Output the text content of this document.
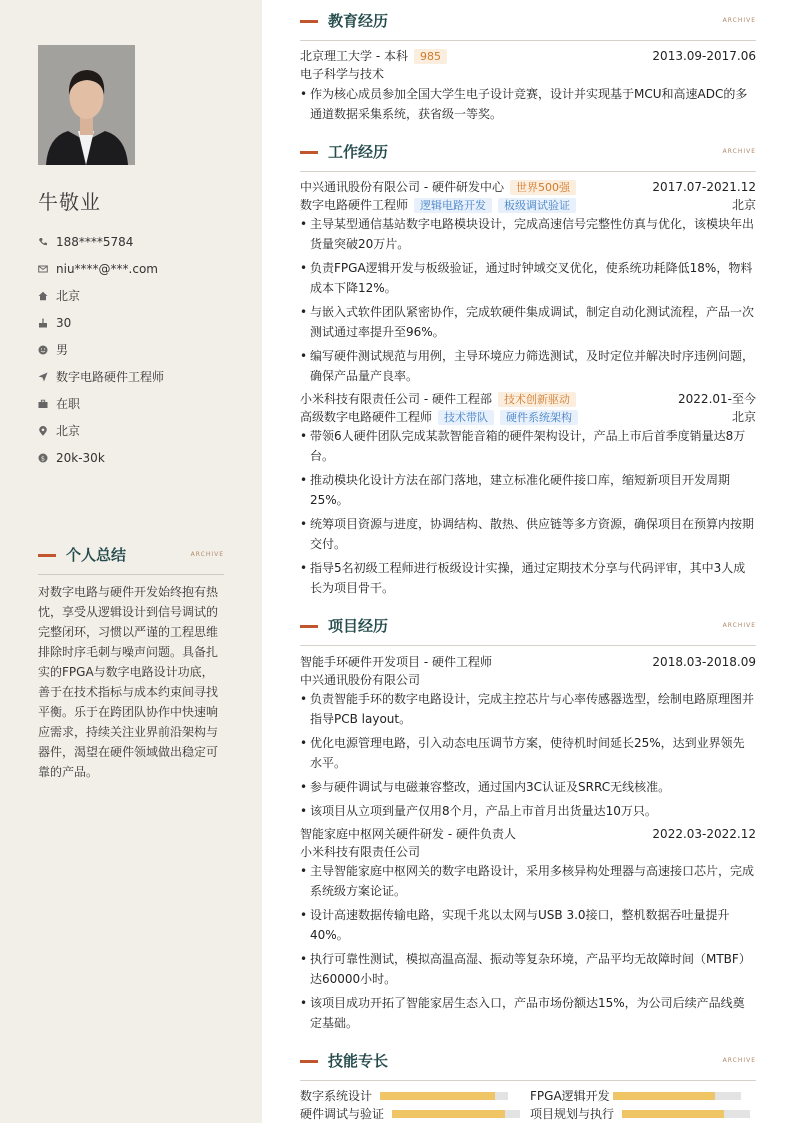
牛敬业
188****5784
niu****@***.com
北京
30
男
数字电路硬件工程师
在职
北京
$ 20k-30k
个人总结	ARCHIVE
对数字电路与硬件开发始终抱有热忱，享受从逻辑设计到信号调试的完整闭环，习惯以严谨的工程思维排除时序毛刺与噪声问题。具备扎实的FPGA与数字电路设计功底，善于在技术指标与成本约束间寻找平衡。乐于在跨团队协作中快速响应需求，持续关注业界前沿架构与器件，渴望在硬件领域做出稳定可靠的产品。
教育经历	ARCHIVE
北京理工大学 - 本科	985	2013.09-2017.06
电子科学与技术
• 作为核心成员参加全国大学生电子设计竞赛，设计并实现基于MCU和高速ADC的多通道数据采集系统，获省级一等奖。
工作经历	ARCHIVE
中兴通讯股份有限公司 - 硬件研发中心	世界500强	2017.07-2021.12
数字电路硬件工程师	逻辑电路开发	板级调试验证	北京
• 主导某型通信基站数字电路模块设计，完成高速信号完整性仿真与优化，该模块年出货量突破20万片。
• 负责FPGA逻辑开发与板级验证，通过时钟域交叉优化，使系统功耗降低18%，物料成本下降12%。
• 与嵌入式软件团队紧密协作，完成软硬件集成调试，制定自动化测试流程，产品一次测试通过率提升至96%。
• 编写硬件测试规范与用例，主导环境应力筛选测试，及时定位并解决时序违例问题，确保产品量产良率。
小米科技有限责任公司 - 硬件工程部	技术创新驱动	2022.01-至今
高级数字电路硬件工程师	技术带队	硬件系统架构	北京
• 带领6人硬件团队完成某款智能音箱的硬件架构设计，产品上市后首季度销量达8万台。
• 推动模块化设计方法在部门落地，建立标准化硬件接口库，缩短新项目开发周期25%。
• 统筹项目资源与进度，协调结构、散热、供应链等多方资源，确保项目在预算内按期交付。
• 指导5名初级工程师进行板级设计实操，通过定期技术分享与代码评审，其中3人成长为项目骨干。
项目经历	ARCHIVE
智能手环硬件开发项目 - 硬件工程师	2018.03-2018.09
中兴通讯股份有限公司
• 负责智能手环的数字电路设计，完成主控芯片与心率传感器选型，绘制电路原理图并指导PCB layout。
• 优化电源管理电路，引入动态电压调节方案，使待机时间延长25%，达到业界领先水平。
• 参与硬件调试与电磁兼容整改，通过国内3C认证及SRRC无线核准。
• 该项目从立项到量产仅用8个月，产品上市首月出货量达10万只。
智能家庭中枢网关硬件研发 - 硬件负责人	2022.03-2022.12
小米科技有限责任公司
• 主导智能家庭中枢网关的数字电路设计，采用多核异构处理器与高速接口芯片，完成系统级方案论证。
• 设计高速数据传输电路，实现千兆以太网与USB 3.0接口，整机数据吞吐量提升40%。
• 执行可靠性测试，模拟高温高湿、振动等复杂环境，产品平均无故障时间（MTBF）达60000小时。
• 该项目成功开拓了智能家居生态入口，产品市场份额达15%，为公司后续产品线奠定基础。
技能专长	ARCHIVE
数字系统设计	FPGA逻辑开发
硬件调试与验证	项目规划与执行
